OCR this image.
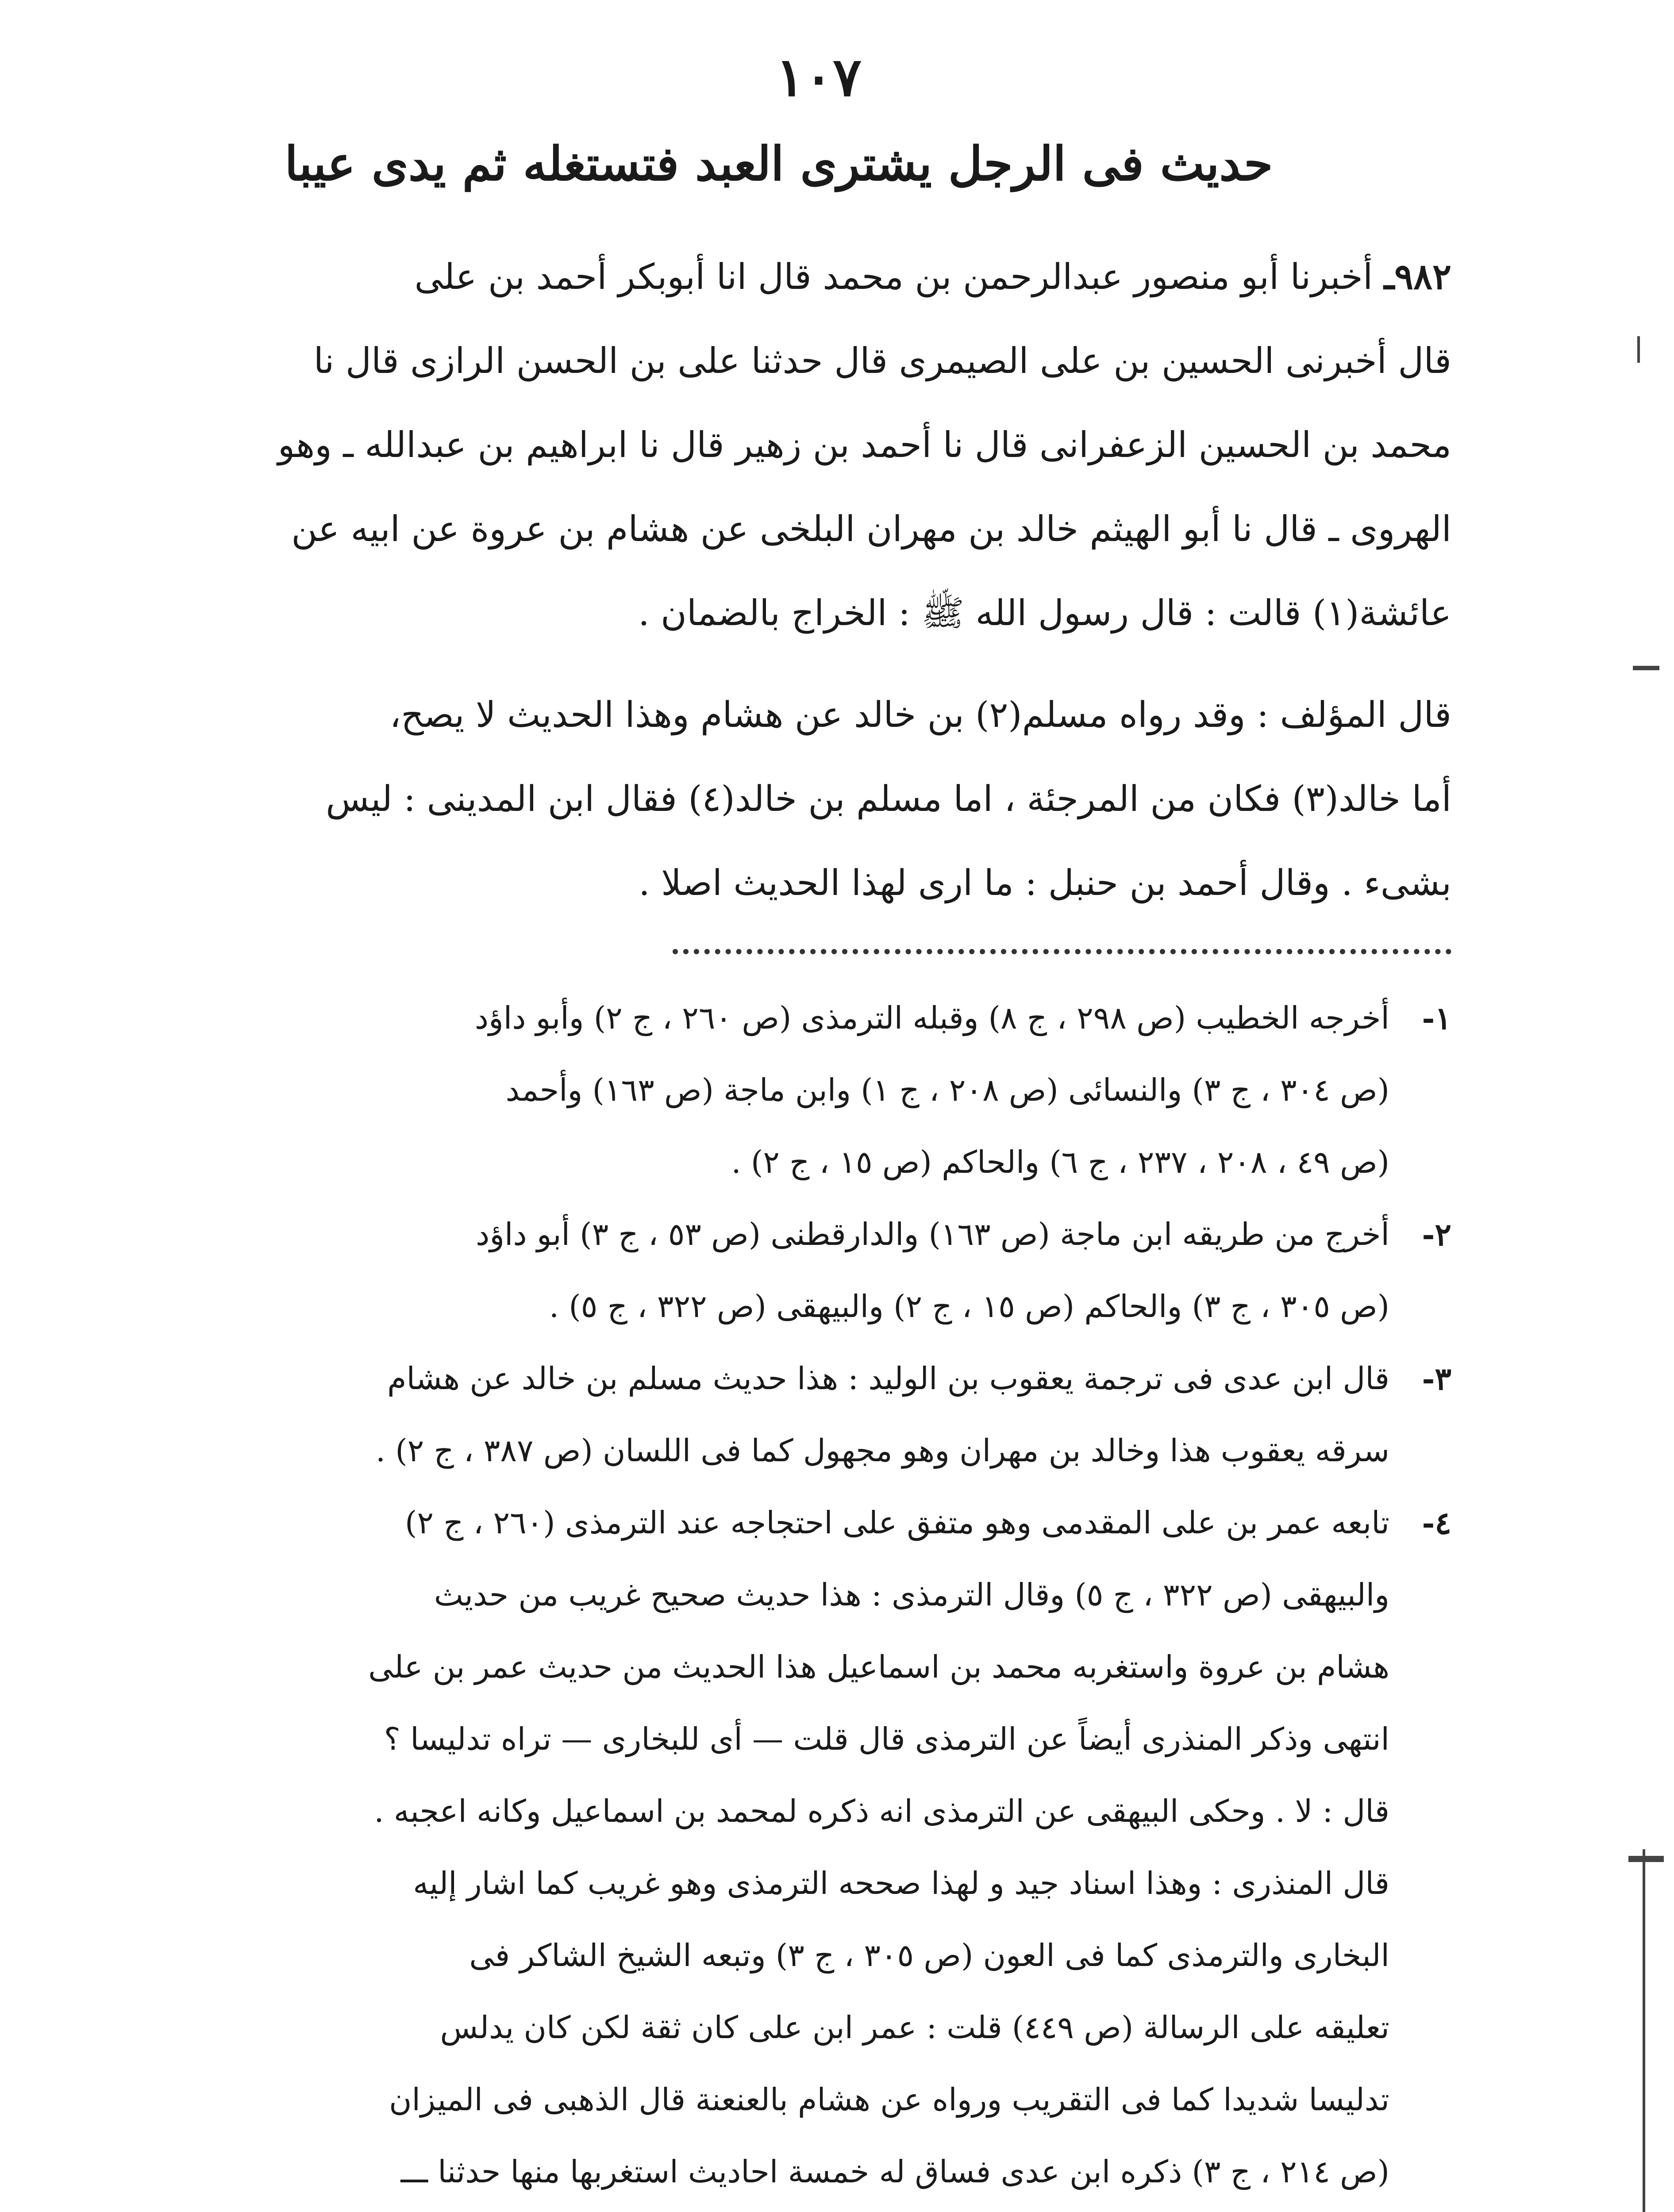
١٠٧
حديث فى الرجل يشترى العبد فتستغله ثم يدى عيبا

٩٨٢ـ أخبرنا أبو منصور عبدالرحمن بن محمد قال انا أبوبكر أحمد بن على

قال أخبرنى الحسين بن على الصيمرى قال حدثنا على بن الحسن الرازى قال نا

محمد بن الحسين الزعفرانى قال نا أحمد بن زهير قال نا ابراهيم بن عبدالله ـ وهو

الهروى ـ قال نا أبو الهيثم خالد بن مهران البلخى عن هشام بن عروة عن ابيه عن

عائشة(١) قالت : قال رسول الله ﷺ : الخراج بالضمان .

قال المؤلف : وقد رواه مسلم(٢) بن خالد عن هشام وهذا الحديث لا يصح،

أما خالد(٣) فكان من المرجئة ، اما مسلم بن خالد(٤) فقال ابن المدينى : ليس

بشىء . وقال أحمد بن حنبل : ما ارى لهذا الحديث اصلا .

١-

أخرجه الخطيب (ص ٢٩٨ ، ج ٨) وقبله الترمذى (ص ٢٦٠ ، ج ٢) وأبو داؤد

(ص ٣٠٤ ، ج ٣) والنسائى (ص ٢٠٨ ، ج ١) وابن ماجة (ص ١٦٣) وأحمد

(ص ٤٩ ، ٢٠٨ ، ٢٣٧ ، ج ٦) والحاكم (ص ١٥ ، ج ٢) .

٢-

أخرج من طريقه ابن ماجة (ص ١٦٣) والدارقطنى (ص ٥٣ ، ج ٣) أبو داؤد

(ص ٣٠٥ ، ج ٣) والحاكم (ص ١٥ ، ج ٢) والبيهقى (ص ٣٢٢ ، ج ٥) .

٣-

قال ابن عدى فى ترجمة يعقوب بن الوليد : هذا حديث مسلم بن خالد عن هشام

سرقه يعقوب هذا وخالد بن مهران وهو مجهول كما فى اللسان (ص ٣٨٧ ، ج ٢) .

٤-

تابعه عمر بن على المقدمى وهو متفق على احتجاجه عند الترمذى (٢٦٠ ، ج ٢)

والبيهقى (ص ٣٢٢ ، ج ٥) وقال الترمذى : هذا حديث صحيح غريب من حديث

هشام بن عروة واستغربه محمد بن اسماعيل هذا الحديث من حديث عمر بن على

انتهى وذكر المنذرى أيضاً عن الترمذى قال قلت — أى للبخارى — تراه تدليسا ؟

قال : لا . وحكى البيهقى عن الترمذى انه ذكره لمحمد بن اسماعيل وكانه اعجبه .

قال المنذرى : وهذا اسناد جيد و لهذا صححه الترمذى وهو غريب كما اشار إليه

البخارى والترمذى كما فى العون (ص ٣٠٥ ، ج ٣) وتبعه الشيخ الشاكر فى

تعليقه على الرسالة (ص ٤٤٩) قلت : عمر ابن على كان ثقة لكن كان يدلس

تدليسا شديدا كما فى التقريب ورواه عن هشام بالعنعنة قال الذهبى فى الميزان

(ص ٢١٤ ، ج ٣) ذكره ابن عدى فساق له خمسة احاديث استغربها منها حدثنا ـــ
